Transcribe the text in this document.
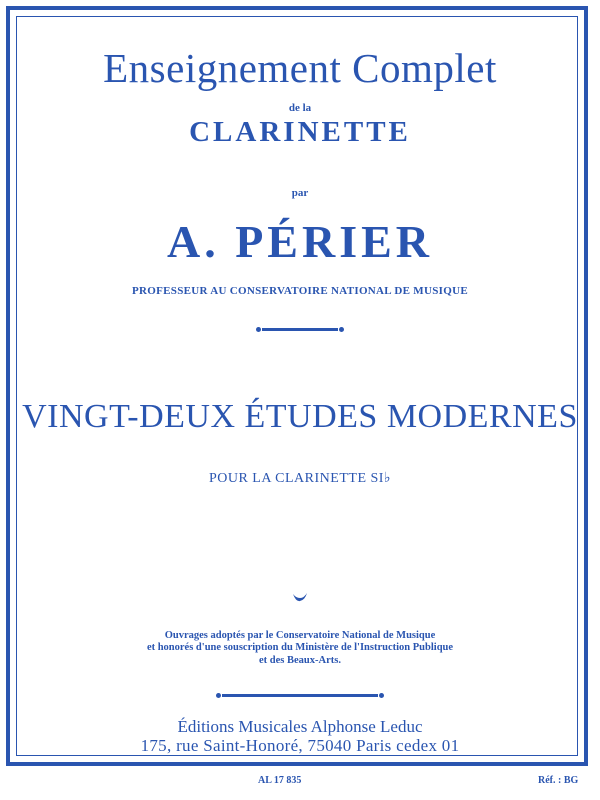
Enseignement Complet
de la
CLARINETTE
par
A. PÉRIER
PROFESSEUR AU CONSERVATOIRE NATIONAL DE MUSIQUE
VINGT-DEUX ÉTUDES MODERNES
POUR LA CLARINETTE SI♭
Ouvrages adoptés par le Conservatoire National de Musique
et honorés d'une souscription du Ministère de l'Instruction Publique
et des Beaux-Arts.
Éditions Musicales Alphonse Leduc
175, rue Saint-Honoré, 75040 Paris cedex 01
AL 17 835	Réf. : BG
